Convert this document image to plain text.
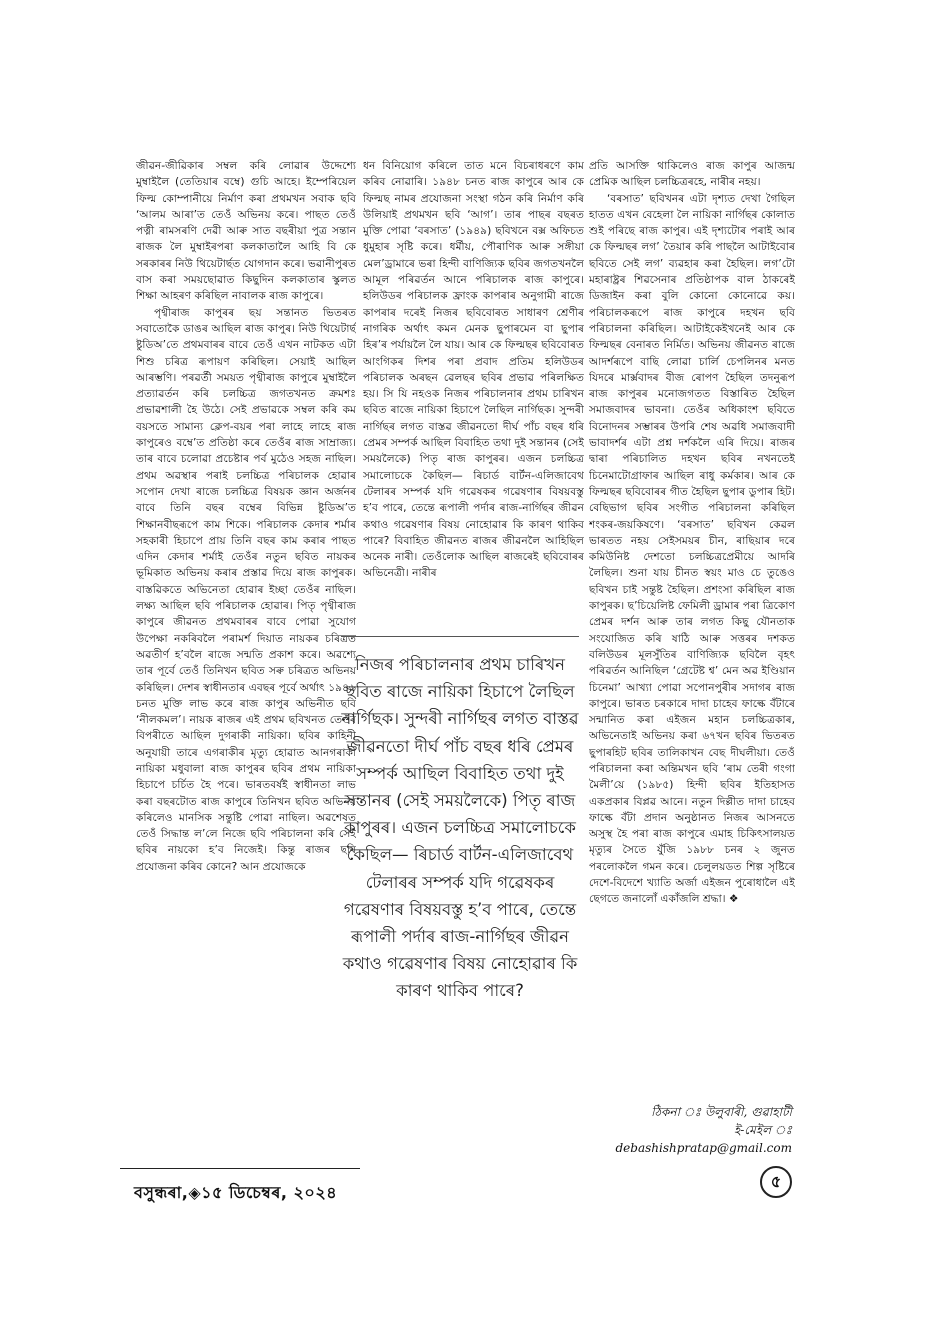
জীৱন-জীৱিকাৰ সম্বল কৰি লোৱাৰ উদ্দেশ্যে মুম্বাইলৈ (তেতিয়াৰ বম্বে) গুচি আহে। ইম্পেৰিয়েল ফিল্ম কোম্পানীয়ে নিৰ্মাণ কৰা প্ৰথমখন সবাক ছবি ‘আলম আৰা’ত তেওঁ অভিনয় কৰে। পাছত তেওঁ পত্নী ৰামসৰণি দেৱী আৰু সাত বছৰীয়া পুত্ৰ সন্তান ৰাজক লৈ মুম্বাইৰপৰা কলকাতালৈ আহি বি কে সৰকাৰৰ নিউ থিয়েটাৰ্ছত যোগদান কৰে। ভৱানীপুৰত বাস কৰা সময়ছোৱাত কিছুদিন কলকাতাৰ স্কুলত শিক্ষা আহৰণ কৰিছিল নাবালক ৰাজ কাপুৰে।

পৃথ্বীৰাজ কাপুৰৰ ছয় সন্তানত ভিতৰত সবাতোকৈ ডাঙৰ আছিল ৰাজ কাপুৰ। নিউ থিয়েটাৰ্ছ ষ্টুডিঅ’তে প্ৰথমবাৰৰ বাবে তেওঁ এখন নাটকত এটা শিশু চৰিত্ৰ ৰূপায়ণ কৰিছিল। সেয়াই আছিল আৰম্ভণি। পৰৱৰ্তী সময়ত পৃথ্বীৰাজ কাপুৰে মুম্বাইলৈ প্ৰত্যাৱৰ্তন কৰি চলচ্চিত্ৰ জগতখনত ক্ৰমশঃ প্ৰভাৱশালী হৈ উঠে। সেই প্ৰভাৱকে সম্বল কৰি কম বয়সতে সামান্য ক্লেপ-বয়ৰ পৰা লাহে লাহে ৰাজ কাপুৰেও বম্বে’ত প্ৰতিষ্ঠা কৰে তেওঁৰ ৰাজ সাম্ৰাজ্য। তাৰ বাবে চলোৱা প্ৰচেষ্টাৰ পৰ্ব মুঠেও সহজ নাছিল। প্ৰথম অৱস্থাৰ পৰাই চলচ্চিত্ৰ পৰিচালক হোৱাৰ সপোন দেখা ৰাজে চলচ্চিত্ৰ বিষয়ক জ্ঞান অৰ্জনৰ বাবে তিনি বছৰ বম্বেৰ বিভিন্ন ষ্টুডিঅ’ত শিক্ষানবীছৰূপে কাম শিকে। পৰিচালক কেদাৰ শৰ্মাৰ সহকাৰী হিচাপে প্ৰায় তিনি বছৰ কাম কৰাৰ পাছত এদিন কেদাৰ শৰ্মাই তেওঁৰ নতুন ছবিত নায়কৰ ভূমিকাত অভিনয় কৰাৰ প্ৰস্তাৱ দিয়ে ৰাজ কাপুৰক। বাস্তৱিকতে অভিনেতা হোৱাৰ ইচ্ছা তেওঁৰ নাছিল। লক্ষ্য আছিল ছবি পৰিচালক হোৱাৰ। পিতৃ পৃথ্বীৰাজ কাপুৰে জীৱনত প্ৰথমবাৰৰ বাবে পোৱা সুযোগ উপেক্ষা নকৰিবলৈ পৰামৰ্শ দিয়াত নায়কৰ চৰিত্ৰত অৱতীৰ্ণ হ’বলৈ ৰাজে সন্মতি প্ৰকাশ কৰে। অৱশ্যে তাৰ পূৰ্বে তেওঁ তিনিখন ছবিত সৰু চৰিত্ৰত অভিনয় কৰিছিল। দেশৰ স্বাধীনতাৰ এবছৰ পূৰ্বে অৰ্থাৎ ১৯৪৬ চনত মুক্তি লাভ কৰে ৰাজ কাপুৰ অভিনীত ছবি ‘নীলকমল’। নায়ক ৰাজৰ এই প্ৰথম ছবিখনত তেওঁৰ বিপৰীতে আছিল দুগৰাকী নায়িকা। ছবিৰ কাহিনী অনুযায়ী তাৰে এগৰাকীৰ মৃত্যু হোৱাত আনগৰাকী নায়িকা মধুবালা ৰাজ কাপুৰৰ ছবিৰ প্ৰথম নায়িকা হিচাপে চৰ্চিত হৈ পৰে। ভাৰতবৰ্ষই স্বাধীনতা লাভ কৰা বছৰটোত ৰাজ কাপুৰে তিনিখন ছবিত অভিনয় কৰিলেও মানসিক সন্তুষ্টি পোৱা নাছিল। অৱশেষত তেওঁ সিদ্ধান্ত ল’লে নিজে ছবি পৰিচালনা কৰি সেই ছবিৰ নায়কো হ’ব নিজেই। কিন্তু ৰাজৰ ছবি প্ৰযোজনা কৰিব কোনে? আন প্ৰযোজকে

ধন বিনিয়োগ কৰিলে তাত মনে বিচৰাধৰণে কাম কৰিব নোৱাৰি। ১৯৪৮ চনত ৰাজ কাপুৰে আৰ কে ফিল্মছ নামৰ প্ৰযোজনা সংস্থা গঠন কৰি নিৰ্মাণ কৰি উলিয়াই প্ৰথমখন ছবি ‘আগ’। তাৰ পাছৰ বছৰত মুক্তি পোৱা ‘বৰসাত’ (১৯৪৯) ছবিখনে বক্স অফিচত ধুমুহাৰ সৃষ্টি কৰে। ধৰ্মীয়, পৌৰাণিক আৰু সঙ্গীয়া মেল’ড্ৰামাৰে ভৰা হিন্দী বাণিজ্যিক ছবিৰ জগতখনলৈ আমূল পৰিৱৰ্তন আনে পৰিচালক ৰাজ কাপুৰে। হলিউডৰ পৰিচালক ফ্ৰাংক কাপৰাৰ অনুগামী ৰাজে কাপৰাৰ দৰেই নিজৰ ছবিবোৰত সাধাৰণ শ্ৰেণীৰ নাগৰিক অৰ্থাৎ কমন মেনক ছুপাৰমেন বা ছুপাৰ হিৰ’ৰ পৰ্যায়লৈ লৈ যায়। আৰ কে ফিল্মছৰ ছবিবোৰত আংগিকৰ দিশৰ পৰা প্ৰবাদ প্ৰতিম হলিউডৰ পৰিচালক অৰছন ৱেলছৰ ছবিৰ প্ৰভাৱ পৰিলক্ষিত হয়। সি যি নহওক নিজৰ পৰিচালনাৰ প্ৰথম চাৰিখন ছবিত ৰাজে নায়িকা হিচাপে লৈছিল নাৰ্গিছক। সুন্দৰী নাৰ্গিছৰ লগত বাস্তৱ জীৱনতো দীৰ্ঘ পাঁচ বছৰ ধৰি প্ৰেমৰ সম্পৰ্ক আছিল বিবাহিত তথা দুই সন্তানৰ (সেই সময়লৈকে) পিতৃ ৰাজ কাপুৰৰ। এজন চলচ্চিত্ৰ সমালোচকে কৈছিল— ৰিচাৰ্ড বাৰ্টন-এলিজাবেথ টেলাৰৰ সম্পৰ্ক যদি গৱেষকৰ গৱেষণাৰ বিষয়বস্তু হ’ব পাৰে, তেন্তে ৰূপালী পৰ্দাৰ ৰাজ-নাৰ্গিছৰ জীৱন কথাও গৱেষণাৰ বিষয় নোহোৱাৰ কি কাৰণ থাকিব পাৰে? বিবাহিত জীৱনত ৰাজৰ জীৱনলৈ আহিছিল অনেক নাৰী। তেওঁলোক আছিল ৰাজৰেই ছবিবোৰৰ অভিনেত্ৰী। নাৰীৰ

প্ৰতি আসক্তি থাকিলেও ৰাজ কাপুৰ আজন্ম প্ৰেমিক আছিল চলচ্চিত্ৰৰহে, নাৰীৰ নহয়।

‘বৰসাত’ ছবিখনৰ এটা দৃশ্যত দেখা গৈছিল হাতত এখন বেহেলা লৈ নায়িকা নাৰ্গিছৰ কোলাত শুই পৰিছে ৰাজ কাপুৰ। এই দৃশ্যটোৰ পৰাই আৰ কে ফিল্মছৰ লগ’ তৈয়াৰ কৰি পাছলৈ আটাইবোৰ ছবিতে সেই লগ’ ব্যৱহাৰ কৰা হৈছিল। লগ’টো মহাৰাষ্ট্ৰৰ শিৱসেনাৰ প্ৰতিষ্ঠাপক বাল ঠাকৰেই ডিজাইন কৰা বুলি কোনো কোনোৱে কয়। পৰিচালকৰূপে ৰাজ কাপুৰে দহখন ছবি পৰিচালনা কৰিছিল। আটাইকেইখনেই আৰ কে ফিল্মছৰ বেনাৰত নিৰ্মিত। অভিনয় জীৱনত ৰাজে আদৰ্শৰূপে বাছি লোৱা চাৰ্লি চেপলিনৰ মনত যিদৰে মাৰ্ক্সবাদৰ বীজ ৰোপণ হৈছিল তদনুৰূপ ৰাজ কাপুৰৰ মনোজগতত বিস্তাৰিত হৈছিল সমাজবাদৰ ভাবনা। তেওঁৰ অধিকাংশ ছবিতে বিনোদনৰ সম্ভাৰৰ উপৰি শেষ অৱধি সমাজবাদী ভাবাদৰ্শৰ এটা প্ৰশ্ন দৰ্শকলৈ এৰি দিয়ে। ৰাজৰ দ্বাৰা পৰিচালিত দহখন ছবিৰ নখনতেই চিনেমাটোগ্ৰাফাৰ আছিল ৰাধু কৰ্মকাৰ। আৰ কে ফিল্মছৰ ছবিবোৰৰ গীত হৈছিল ছুপাৰ ডুপাৰ হিট। বেছিভাগ ছবিৰ সংগীত পৰিচালনা কৰিছিল শংকৰ-জয়কিষণে। ‘বৰসাত’ ছবিখন কেৱল ভাৰতত নহয় সেইসময়ৰ চীন, ৰাছিয়াৰ দৰে কমিউনিষ্ট দেশতো চলচ্চিত্ৰপ্ৰেমীয়ে আদৰি লৈছিল। শুনা যায় চীনত স্বয়ং মাও চে তুঙেও ছবিখন চাই সন্তুষ্ট হৈছিল। প্ৰশংসা কৰিছিল ৰাজ কাপুৰক। ছ’চিয়েলিষ্ট ফেমিলী ড্ৰামাৰ পৰা ত্ৰিকোণ প্ৰেমৰ দৰ্শন আৰু তাৰ লগত কিছু যৌনতাক সংযোজিত কৰি ষাঠি আৰু সত্তৰৰ দশকত বলিউডৰ মূলসুঁতিৰ বাণিজ্যিক ছবিলৈ বৃহৎ পৰিৱৰ্তন আনিছিল ‘গ্ৰেটেষ্ট শ্ব’ মেন অৱ ইণ্ডিয়ান চিনেমা’ আখ্যা পোৱা সপোনপুৰীৰ সদাগৰ ৰাজ কাপুৰে। ভাৰত চৰকাৰে দাদা চাহেব ফাল্কে বঁটাৰে সন্মানিত কৰা এইজন মহান চলচ্চিত্ৰকাৰ, অভিনেতাই অভিনয় কৰা ৬৭খন ছবিৰ ভিতৰত ছুপাৰহিট ছবিৰ তালিকাখন বেছ দীঘলীয়া। তেওঁ পৰিচালনা কৰা অন্তিমখন ছবি ‘ৰাম তেৰী গংগা মৈলী’য়ে (১৯৮৫) হিন্দী ছবিৰ ইতিহাসত একপ্ৰকাৰ বিপ্লৱ আনে। নতুন দিল্লীত দাদা চাহেব ফাল্কে বঁটা প্ৰদান অনুষ্ঠানত নিজৰ আসনতে অসুস্থ হৈ পৰা ৰাজ কাপুৰে এমাহ চিকিৎসালয়ত মৃত্যুৰ সৈতে যুঁজি ১৯৮৮ চনৰ ২ জুনত পৰলোকলৈ গমন কৰে। চেলুলয়ডত শিল্প সৃষ্টিৰে দেশে-বিদেশে খ্যাতি অৰ্জা এইজন পুৰোধালৈ এই ছেগতে জনালোঁ একাঁজলি শ্ৰদ্ধা। ❖

নিজৰ পৰিচালনাৰ প্ৰথম চাৰিখন ছবিত ৰাজে নায়িকা হিচাপে লৈছিল নাৰ্গিছক। সুন্দৰী নাৰ্গিছৰ লগত বাস্তৱ জীৱনতো দীৰ্ঘ পাঁচ বছৰ ধৰি প্ৰেমৰ সম্পৰ্ক আছিল বিবাহিত তথা দুই সন্তানৰ (সেই সময়লৈকে) পিতৃ ৰাজ কাপুৰৰ। এজন চলচ্চিত্ৰ সমালোচকে কৈছিল— ৰিচাৰ্ড বাৰ্টন-এলিজাবেথ টেলাৰৰ সম্পৰ্ক যদি গৱেষকৰ গৱেষণাৰ বিষয়বস্তু হ’ব পাৰে, তেন্তে ৰূপালী পৰ্দাৰ ৰাজ-নাৰ্গিছৰ জীৱন কথাও গৱেষণাৰ বিষয় নোহোৱাৰ কি কাৰণ থাকিব পাৰে?
ঠিকনা ঃ উলুবাৰী, গুৱাহাটী
ই-মেইল ঃ
debashishpratap@gmail.com
বসুন্ধৰা,◈১৫ ডিচেম্বৰ, ২০২৪
৫
